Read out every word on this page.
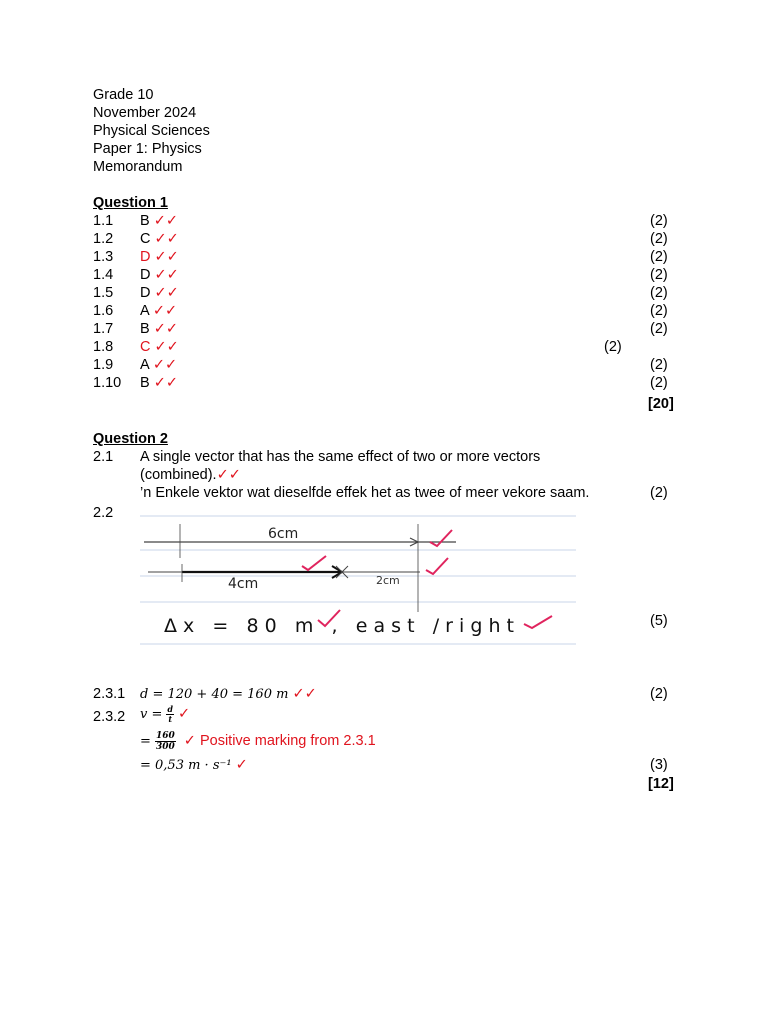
Grade 10
November 2024
Physical Sciences
Paper 1: Physics
Memorandum
Question 1
1.1 B ✓✓	(2)
1.2 C ✓✓	(2)
1.3 D ✓✓	(2)
1.4 D ✓✓	(2)
1.5 D ✓✓	(2)
1.6 A ✓✓	(2)
1.7 B ✓✓	(2)
1.8 C ✓✓	(2)
1.9 A ✓✓	(2)
1.10 B ✓✓	(2)
[20]
Question 2
2.1 A single vector that has the same effect of two or more vectors
(combined).✓✓
’n Enkele vektor wat dieselfde effek het as twee of meer vekore saam.	(2)
2.2
6cm
4cm	2cm
Δx = 80 m , east /right	(5)
2.3.1 d = 120 + 40 = 160 m ✓✓	(2)
2.3.2 $v = \frac{d}{t}$ ✓
= $\frac{160}{300}$ ✓ Positive marking from 2.3.1
= 0,53 m · s⁻¹ ✓	(3)
[12]
